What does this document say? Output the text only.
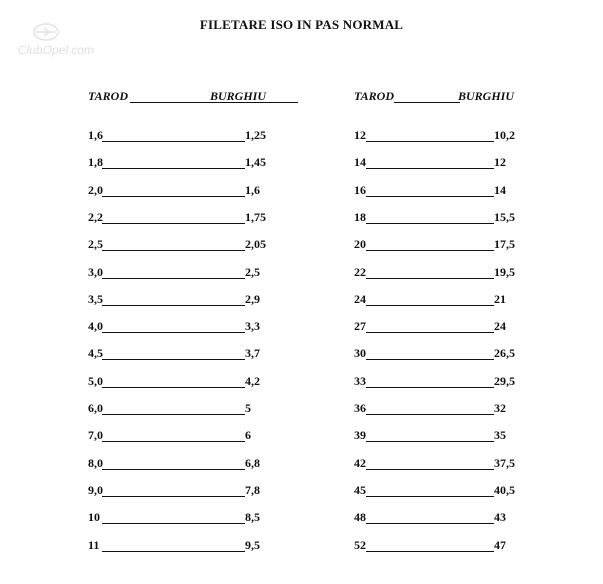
ClubOpel.com
FILETARE ISO IN PAS NORMAL
TAROD	BURGHIU	TAROD	BURGHIU
1,6	1,25
1,8	1,45
2,0	1,6
2,2	1,75
2,5	2,05
3,0	2,5
3,5	2,9
4,0	3,3
4,5	3,7
5,0	4,2
6,0	5
7,0	6
8,0	6,8
9,0	7,8
10	8,5
11	9,5
12	10,2
14	12
16	14
18	15,5
20	17,5
22	19,5
24	21
27	24
30	26,5
33	29,5
36	32
39	35
42	37,5
45	40,5
48	43
52	47
